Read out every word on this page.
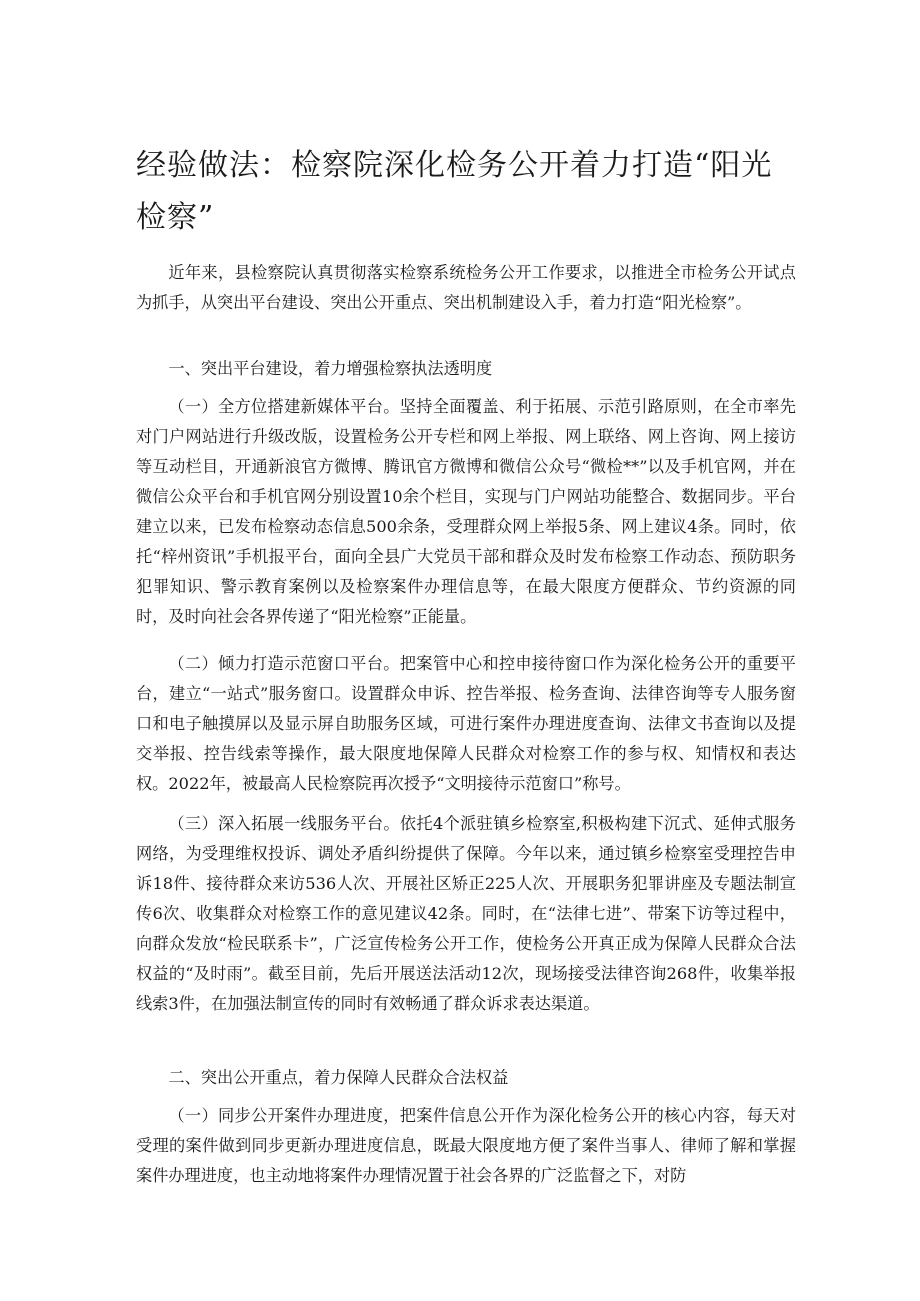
经验做法：检察院深化检务公开着力打造“阳光检察”

近年来，县检察院认真贯彻落实检察系统检务公开工作要求，以推进全市检务公开试点为抓手，从突出平台建设、突出公开重点、突出机制建设入手，着力打造“阳光检察”。

一、突出平台建设，着力增强检察执法透明度

（一）全方位搭建新媒体平台。坚持全面覆盖、利于拓展、示范引路原则，在全市率先对门户网站进行升级改版，设置检务公开专栏和网上举报、网上联络、网上咨询、网上接访等互动栏目，开通新浪官方微博、腾讯官方微博和微信公众号“微检**”以及手机官网，并在微信公众平台和手机官网分别设置10余个栏目，实现与门户网站功能整合、数据同步。平台建立以来，已发布检察动态信息500余条，受理群众网上举报5条、网上建议4条。同时，依托“梓州资讯”手机报平台，面向全县广大党员干部和群众及时发布检察工作动态、预防职务犯罪知识、警示教育案例以及检察案件办理信息等，在最大限度方便群众、节约资源的同时，及时向社会各界传递了“阳光检察”正能量。

（二）倾力打造示范窗口平台。把案管中心和控申接待窗口作为深化检务公开的重要平台，建立“一站式”服务窗口。设置群众申诉、控告举报、检务查询、法律咨询等专人服务窗口和电子触摸屏以及显示屏自助服务区域，可进行案件办理进度查询、法律文书查询以及提交举报、控告线索等操作，最大限度地保障人民群众对检察工作的参与权、知情权和表达权。2022年，被最高人民检察院再次授予“文明接待示范窗口”称号。

（三）深入拓展一线服务平台。依托4个派驻镇乡检察室,积极构建下沉式、延伸式服务网络，为受理维权投诉、调处矛盾纠纷提供了保障。今年以来，通过镇乡检察室受理控告申诉18件、接待群众来访536人次、开展社区矫正225人次、开展职务犯罪讲座及专题法制宣传6次、收集群众对检察工作的意见建议42条。同时，在“法律七进”、带案下访等过程中，向群众发放“检民联系卡”，广泛宣传检务公开工作，使检务公开真正成为保障人民群众合法权益的“及时雨”。截至目前，先后开展送法活动12次，现场接受法律咨询268件，收集举报线索3件，在加强法制宣传的同时有效畅通了群众诉求表达渠道。

二、突出公开重点，着力保障人民群众合法权益

（一）同步公开案件办理进度，把案件信息公开作为深化检务公开的核心内容，每天对受理的案件做到同步更新办理进度信息，既最大限度地方便了案件当事人、律师了解和掌握案件办理进度，也主动地将案件办理情况置于社会各界的广泛监督之下，对防
